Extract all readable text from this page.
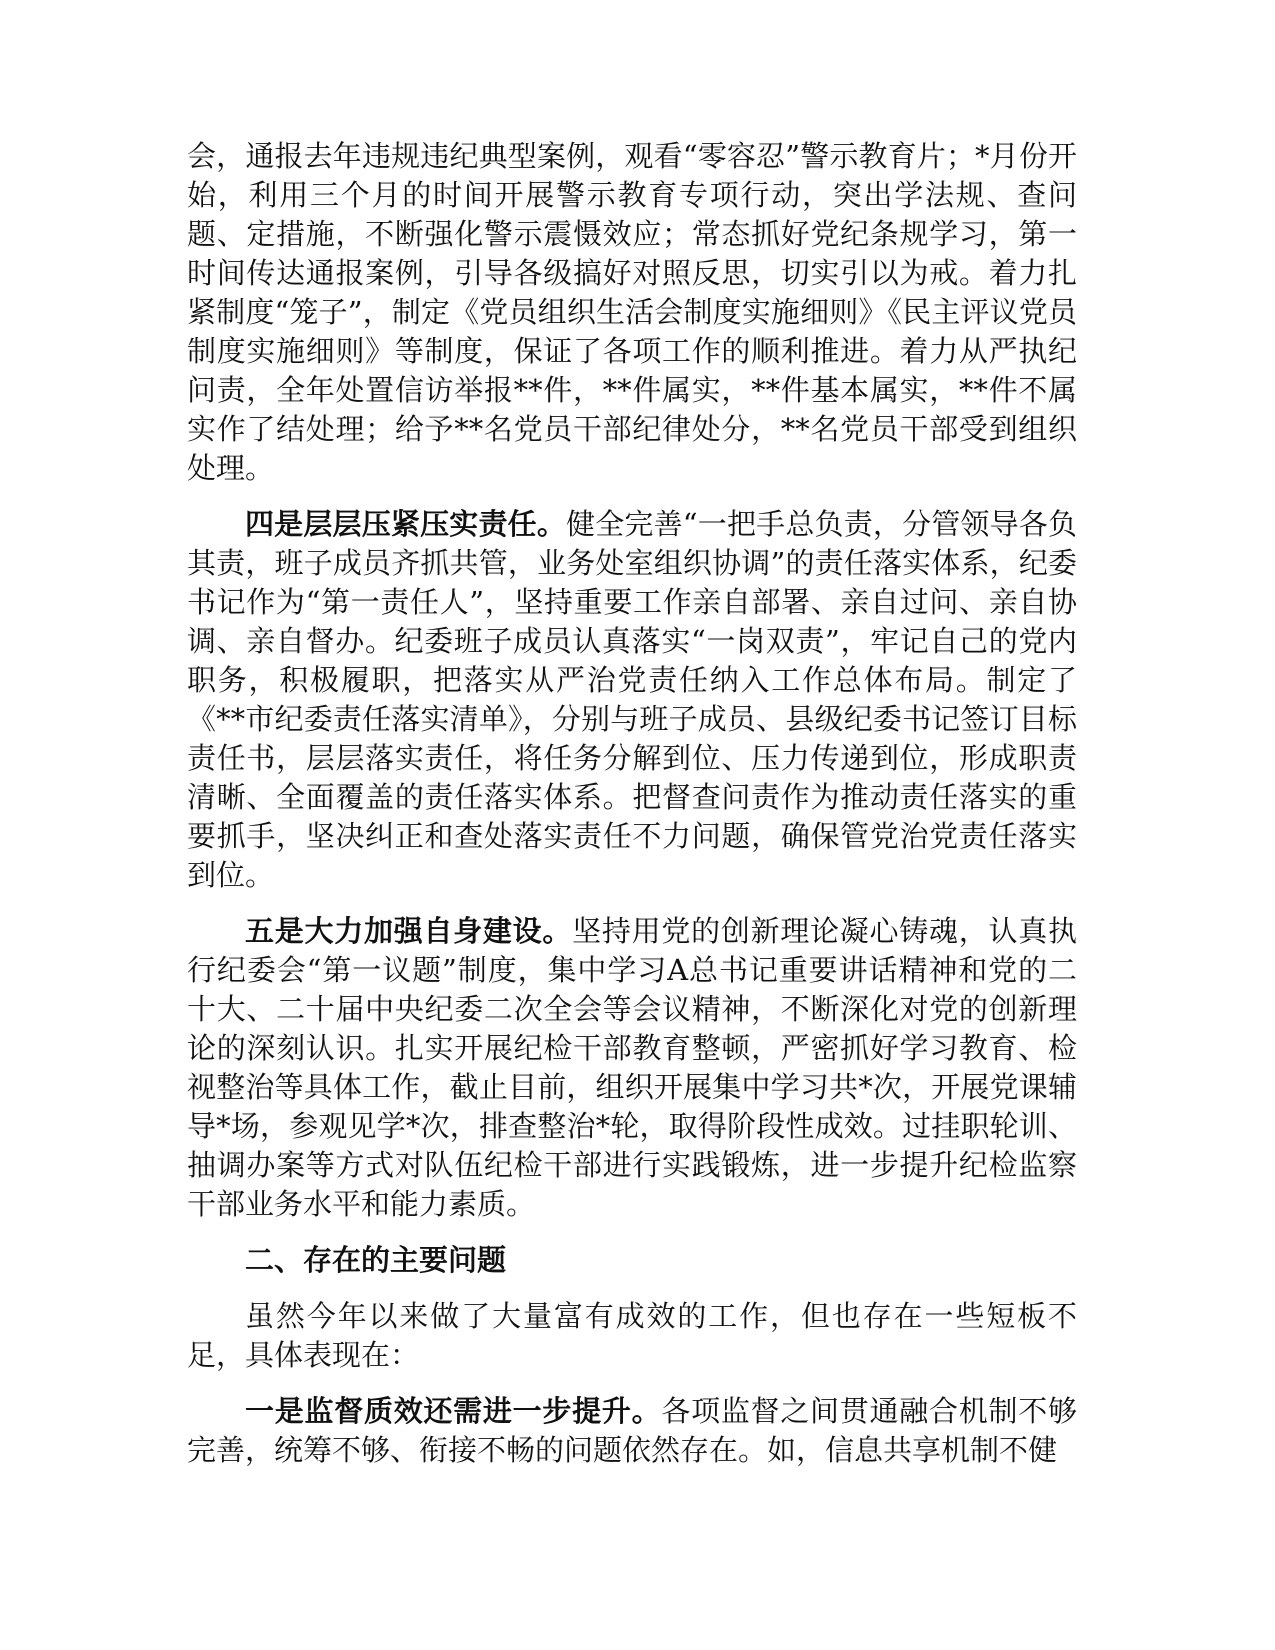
会，通报去年违规违纪典型案例，观看“零容忍”警示教育片；*月份开始，利用三个月的时间开展警示教育专项行动，突出学法规、查问题、定措施，不断强化警示震慑效应；常态抓好党纪条规学习，第一时间传达通报案例，引导各级搞好对照反思，切实引以为戒。着力扎紧制度“笼子”，制定《党员组织生活会制度实施细则》《民主评议党员制度实施细则》等制度，保证了各项工作的顺利推进。着力从严执纪问责，全年处置信访举报**件，**件属实，**件基本属实，**件不属实作了结处理；给予**名党员干部纪律处分，**名党员干部受到组织处理。

四是层层压紧压实责任。健全完善“一把手总负责，分管领导各负其责，班子成员齐抓共管，业务处室组织协调”的责任落实体系，纪委书记作为“第一责任人”，坚持重要工作亲自部署、亲自过问、亲自协调、亲自督办。纪委班子成员认真落实“一岗双责”，牢记自己的党内职务，积极履职，把落实从严治党责任纳入工作总体布局。制定了《**市纪委责任落实清单》，分别与班子成员、县级纪委书记签订目标责任书，层层落实责任，将任务分解到位、压力传递到位，形成职责清晰、全面覆盖的责任落实体系。把督查问责作为推动责任落实的重要抓手，坚决纠正和查处落实责任不力问题，确保管党治党责任落实到位。

五是大力加强自身建设。坚持用党的创新理论凝心铸魂，认真执行纪委会“第一议题”制度，集中学习A总书记重要讲话精神和党的二十大、二十届中央纪委二次全会等会议精神，不断深化对党的创新理论的深刻认识。扎实开展纪检干部教育整顿，严密抓好学习教育、检视整治等具体工作，截止目前，组织开展集中学习共*次，开展党课辅导*场，参观见学*次，排查整治*轮，取得阶段性成效。过挂职轮训、抽调办案等方式对队伍纪检干部进行实践锻炼，进一步提升纪检监察干部业务水平和能力素质。

二、存在的主要问题

虽然今年以来做了大量富有成效的工作，但也存在一些短板不足，具体表现在：

一是监督质效还需进一步提升。各项监督之间贯通融合机制不够完善，统筹不够、衔接不畅的问题依然存在。如，信息共享机制不健
